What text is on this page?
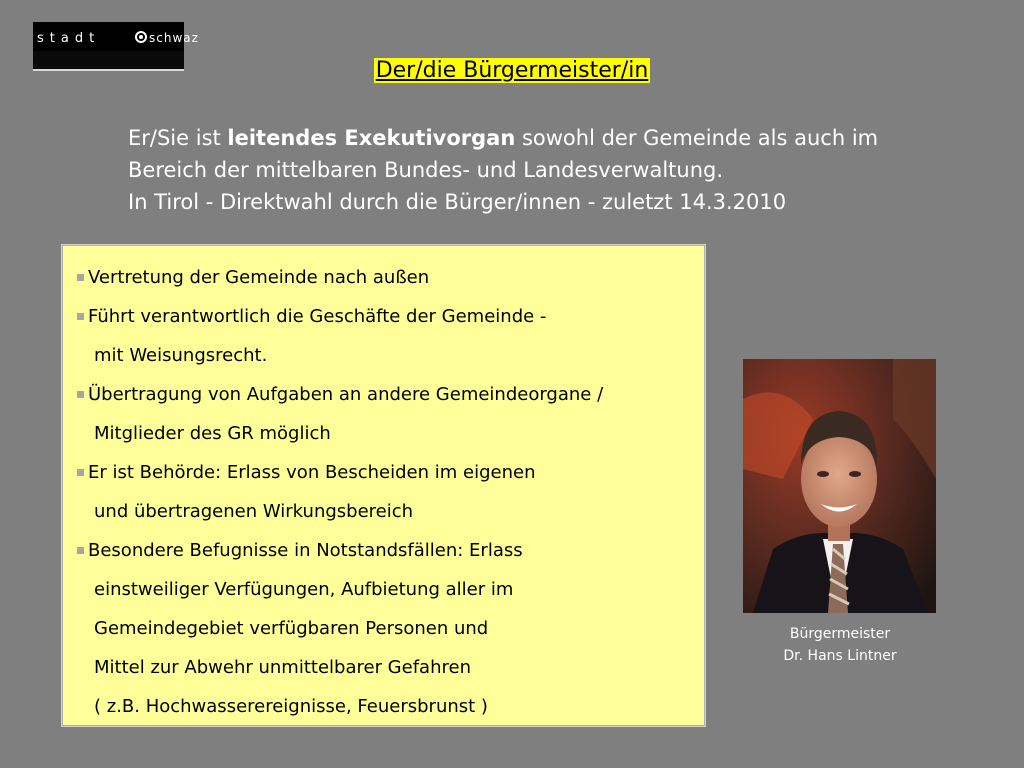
stadt	schwaz
Der/die Bürgermeister/in
Er/Sie ist leitendes Exekutivorgan sowohl der Gemeinde als auch im
Bereich der mittelbaren Bundes- und Landesverwaltung.
In Tirol - Direktwahl durch die Bürger/innen - zuletzt 14.3.2010
Vertretung der Gemeinde nach außen
Führt verantwortlich die Geschäfte der Gemeinde -
mit Weisungsrecht.
Übertragung von Aufgaben an andere Gemeindeorgane /
Mitglieder des GR möglich
Er ist Behörde: Erlass von Bescheiden im eigenen
und übertragenen Wirkungsbereich
Besondere Befugnisse in Notstandsfällen: Erlass
einstweiliger Verfügungen, Aufbietung aller im
Gemeindegebiet verfügbaren Personen und
Mittel zur Abwehr unmittelbarer Gefahren
( z.B. Hochwasserereignisse, Feuersbrunst )
Bürgermeister
Dr. Hans Lintner
